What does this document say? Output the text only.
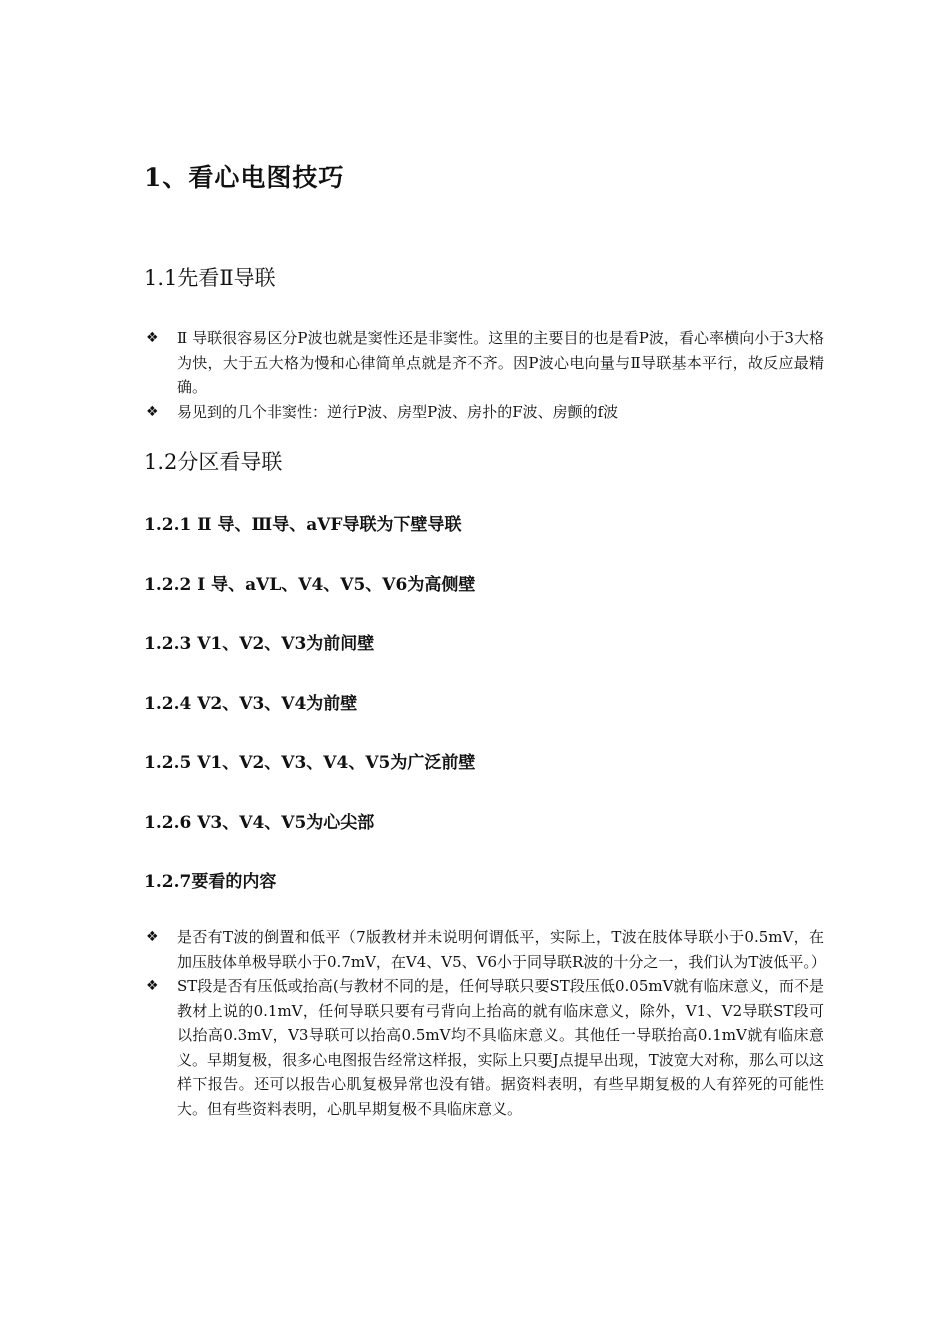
1、看心电图技巧
1.1先看Ⅱ导联
❖ Ⅱ 导联很容易区分P波也就是窦性还是非窦性。这里的主要目的也是看P波，看心率横向小于3大格为快，大于五大格为慢和心律简单点就是齐不齐。因P波心电向量与Ⅱ导联基本平行，故反应最精确。
❖ 易见到的几个非窦性：逆行P波、房型P波、房扑的F波、房颤的f波
1.2分区看导联
1.2.1 Ⅱ 导、Ⅲ导、aVF导联为下壁导联
1.2.2 Ⅰ 导、aVL、V4、V5、V6为高侧壁
1.2.3 V1、V2、V3为前间壁
1.2.4 V2、V3、V4为前壁
1.2.5 V1、V2、V3、V4、V5为广泛前壁
1.2.6 V3、V4、V5为心尖部
1.2.7要看的内容
❖ 是否有T波的倒置和低平（7版教材并未说明何谓低平，实际上，T波在肢体导联小于0.5mV，在加压肢体单极导联小于0.7mV，在V4、V5、V6小于同导联R波的十分之一，我们认为T波低平。）
❖ ST段是否有压低或抬高(与教材不同的是，任何导联只要ST段压低0.05mV就有临床意义，而不是教材上说的0.1mV，任何导联只要有弓背向上抬高的就有临床意义，除外，V1、V2导联ST段可以抬高0.3mV，V3导联可以抬高0.5mV均不具临床意义。其他任一导联抬高0.1mV就有临床意义。早期复极，很多心电图报告经常这样报，实际上只要J点提早出现，T波宽大对称，那么可以这样下报告。还可以报告心肌复极异常也没有错。据资料表明，有些早期复极的人有猝死的可能性大。但有些资料表明，心肌早期复极不具临床意义。
